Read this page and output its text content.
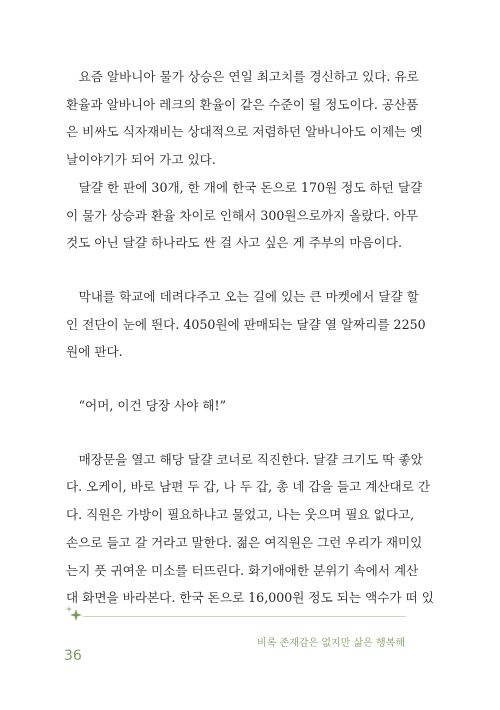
요즘 알바니아 물가 상승은 연일 최고치를 경신하고 있다. 유로
환율과 알바니아 레크의 환율이 같은 수준이 될 정도이다. 공산품
은 비싸도 식자재비는 상대적으로 저렴하던 알바니아도 이제는 옛
날이야기가 되어 가고 있다.
달걀 한 판에 30개, 한 개에 한국 돈으로 170원 정도 하던 달걀
이 물가 상승과 환율 차이로 인해서 300원으로까지 올랐다. 아무
것도 아닌 달걀 하나라도 싼 걸 사고 싶은 게 주부의 마음이다.
막내를 학교에 데려다주고 오는 길에 있는 큰 마켓에서 달걀 할
인 전단이 눈에 띈다. 4050원에 판매되는 달걀 열 알짜리를 2250
원에 판다.
“어머, 이건 당장 사야 해!”
매장문을 열고 해당 달걀 코너로 직진한다. 달걀 크기도 딱 좋았
다. 오케이, 바로 남편 두 갑, 나 두 갑, 총 네 갑을 들고 계산대로 간
다. 직원은 가방이 필요하냐고 물었고, 나는 웃으며 필요 없다고,
손으로 들고 갈 거라고 말한다. 젊은 여직원은 그런 우리가 재미있
는지 풋 귀여운 미소를 터뜨린다. 화기애애한 분위기 속에서 계산
대 화면을 바라본다. 한국 돈으로 16,000원 정도 되는 액수가 떠 있
비록 존재감은 없지만 삶은 행복해
36
